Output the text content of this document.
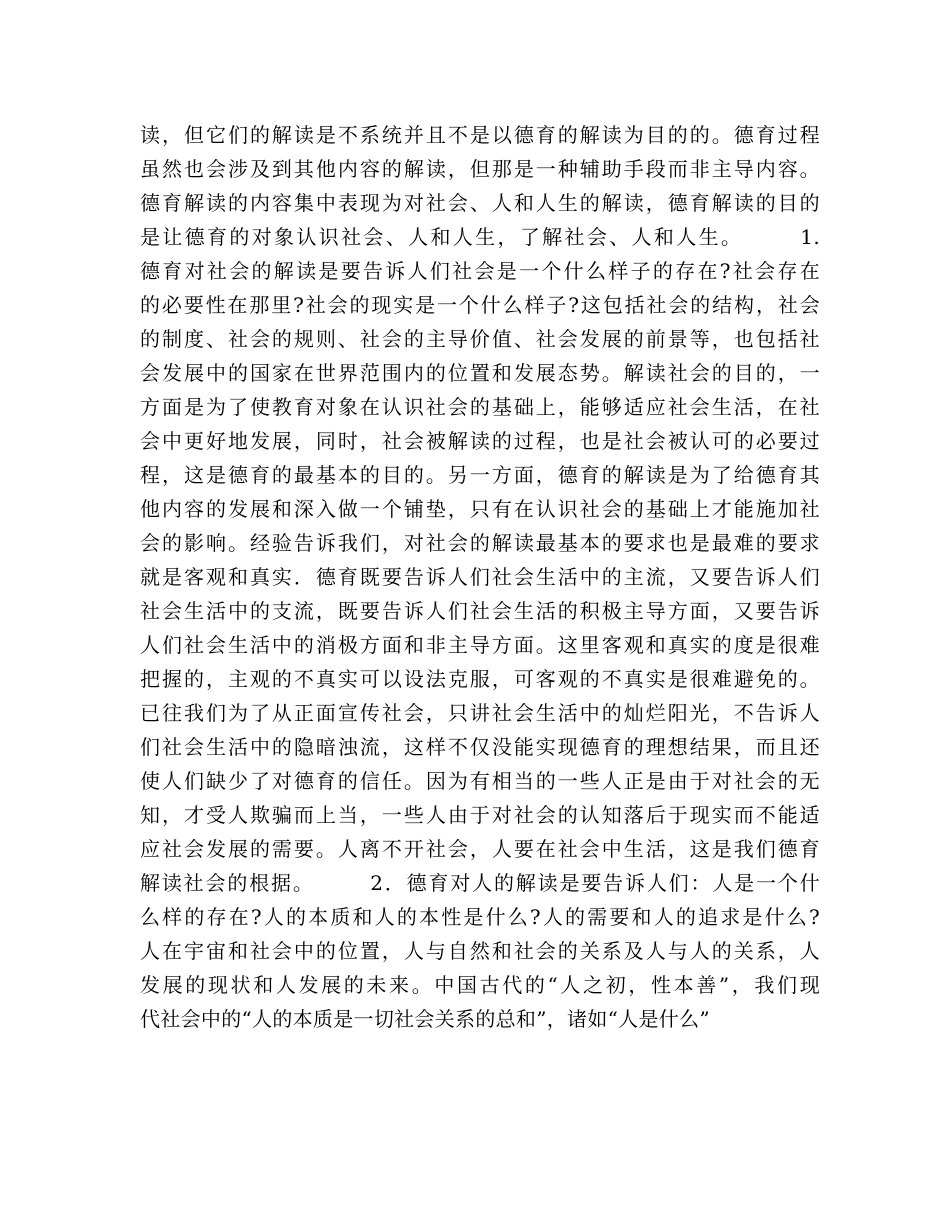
读，但它们的解读是不系统并且不是以德育的解读为目的的。德育过程
虽然也会涉及到其他内容的解读，但那是一种辅助手段而非主导内容。
德育解读的内容集中表现为对社会、人和人生的解读，德育解读的目的
是让德育的对象认识社会、人和人生，了解社会、人和人生。　　　1.
德育对社会的解读是要告诉人们社会是一个什么样子的存在?社会存在
的必要性在那里?社会的现实是一个什么样子?这包括社会的结构，社会
的制度、社会的规则、社会的主导价值、社会发展的前景等，也包括社
会发展中的国家在世界范围内的位置和发展态势。解读社会的目的，一
方面是为了使教育对象在认识社会的基础上，能够适应社会生活，在社
会中更好地发展，同时，社会被解读的过程，也是社会被认可的必要过
程，这是德育的最基本的目的。另一方面，德育的解读是为了给德育其
他内容的发展和深入做一个铺垫，只有在认识社会的基础上才能施加社
会的影响。经验告诉我们，对社会的解读最基本的要求也是最难的要求
就是客观和真实．德育既要告诉人们社会生活中的主流，又要告诉人们
社会生活中的支流，既要告诉人们社会生活的积极主导方面，又要告诉
人们社会生活中的消极方面和非主导方面。这里客观和真实的度是很难
把握的，主观的不真实可以设法克服，可客观的不真实是很难避免的。
已往我们为了从正面宣传社会，只讲社会生活中的灿烂阳光，不告诉人
们社会生活中的隐暗浊流，这样不仅没能实现德育的理想结果，而且还
使人们缺少了对德育的信任。因为有相当的一些人正是由于对社会的无
知，才受人欺骗而上当，一些人由于对社会的认知落后于现实而不能适
应社会发展的需要。人离不开社会，人要在社会中生活，这是我们德育
解读社会的根据。　　　2．德育对人的解读是要告诉人们：人是一个什
么样的存在?人的本质和人的本性是什么?人的需要和人的追求是什么?
人在宇宙和社会中的位置，人与自然和社会的关系及人与人的关系，人
发展的现状和人发展的未来。中国古代的“人之初，性本善”，我们现
代社会中的“人的本质是一切社会关系的总和”，诸如“人是什么”
